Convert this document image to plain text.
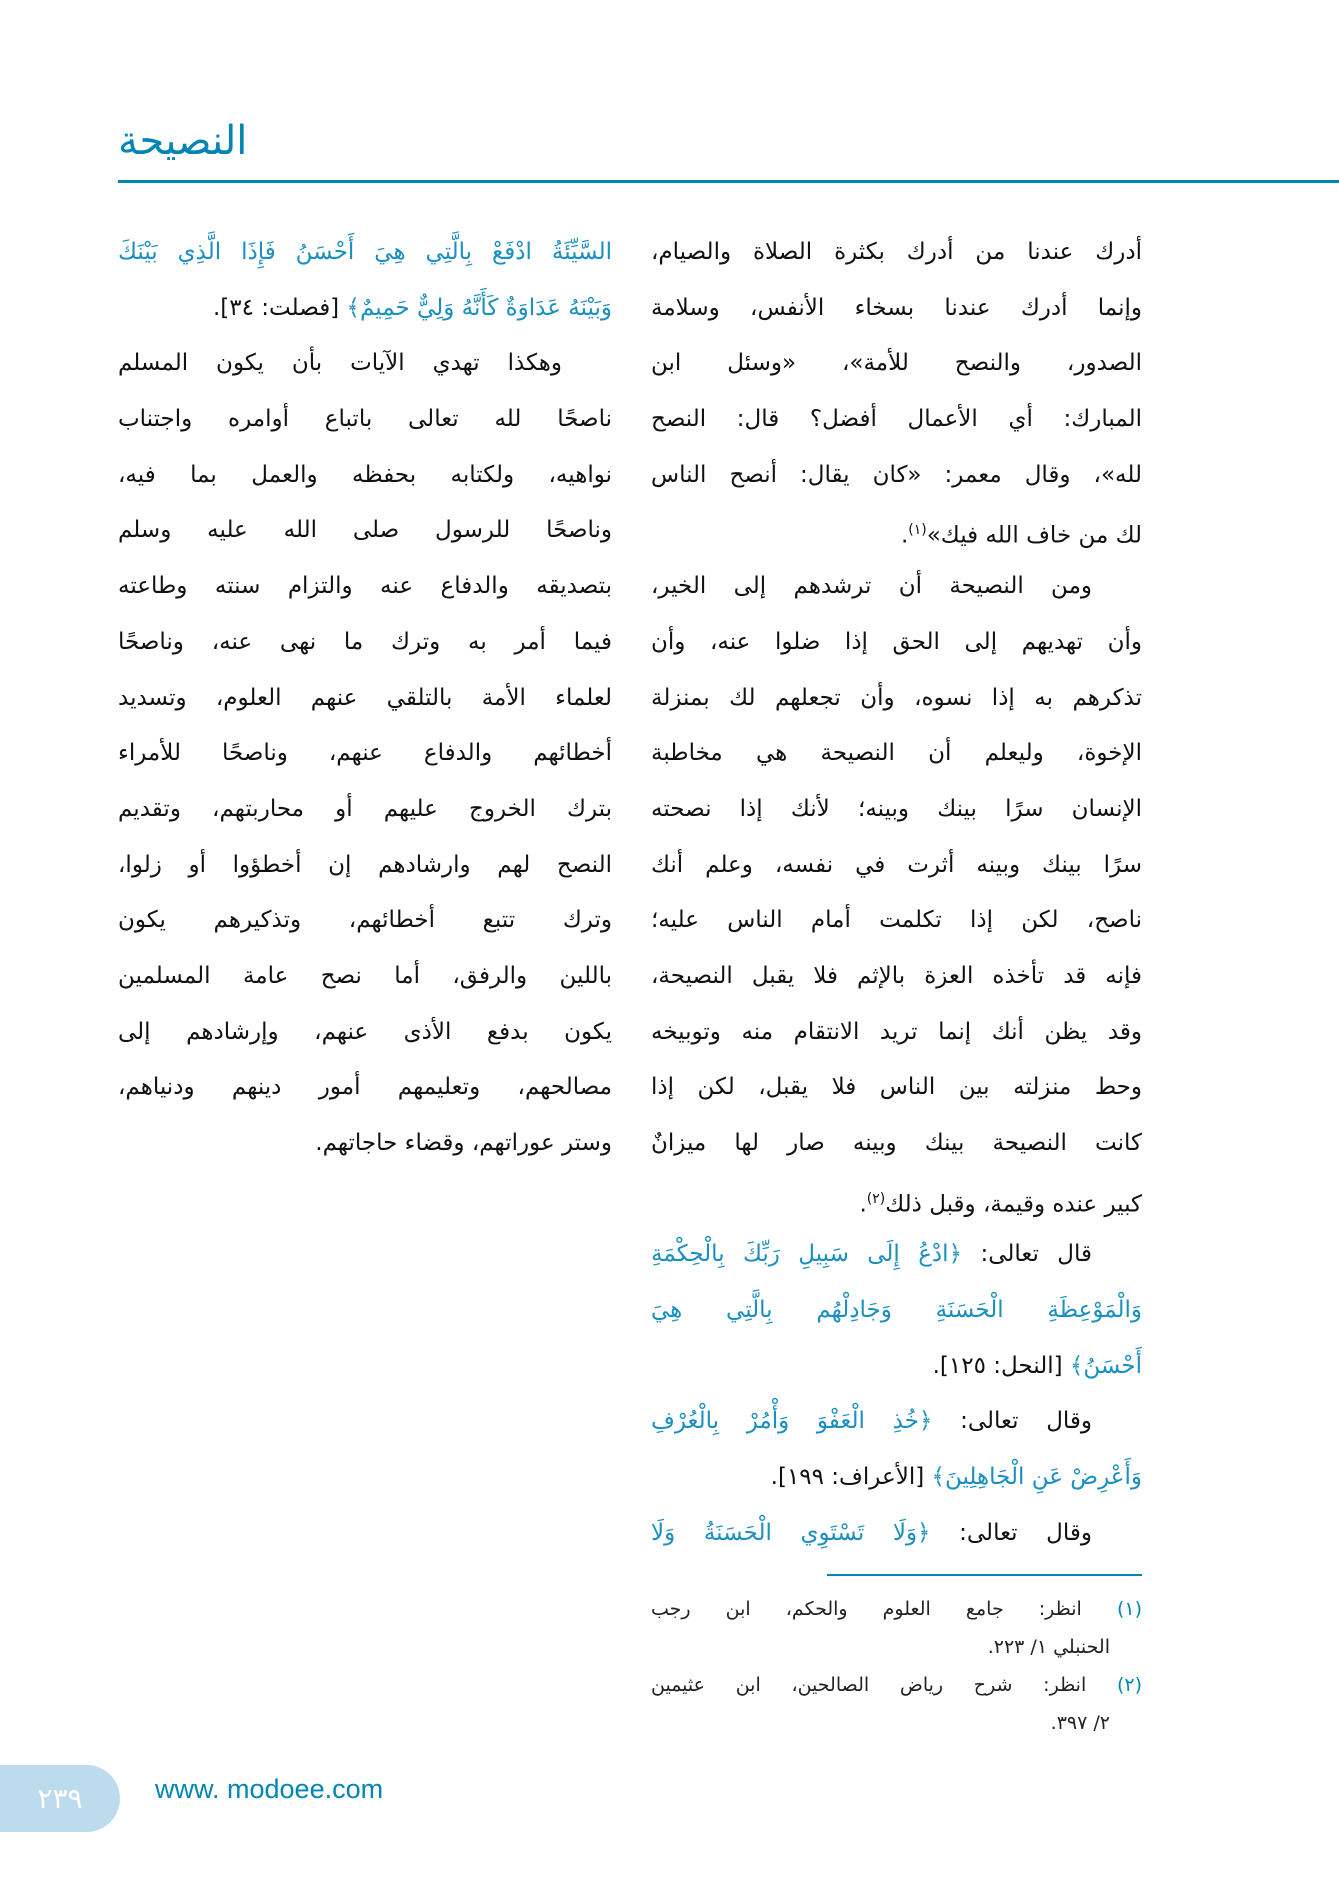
النصيحة
أدرك عندنا من أدرك بكثرة الصلاة والصيام،
وإنما أدرك عندنا بسخاء الأنفس، وسلامة
الصدور، والنصح للأمة»، «وسئل ابن
المبارك: أي الأعمال أفضل؟ قال: النصح
لله»، وقال معمر: «كان يقال: أنصح الناس
لك من خاف الله فيك»$^{(١)}$.
ومن النصيحة أن ترشدهم إلى الخير،
وأن تهديهم إلى الحق إذا ضلوا عنه، وأن
تذكرهم به إذا نسوه، وأن تجعلهم لك بمنزلة
الإخوة، وليعلم أن النصيحة هي مخاطبة
الإنسان سرًا بينك وبينه؛ لأنك إذا نصحته
سرًا بينك وبينه أثرت في نفسه، وعلم أنك
ناصح، لكن إذا تكلمت أمام الناس عليه؛
فإنه قد تأخذه العزة بالإثم فلا يقبل النصيحة،
وقد يظن أنك إنما تريد الانتقام منه وتوبيخه
وحط منزلته بين الناس فلا يقبل، لكن إذا
كانت النصيحة بينك وبينه صار لها ميزانٌ
كبير عنده وقيمة، وقبل ذلك$^{(٢)}$.
قال تعالى: ﴿ادْعُ إِلَى سَبِيلِ رَبِّكَ بِالْحِكْمَةِ
وَالْمَوْعِظَةِ الْحَسَنَةِ وَجَادِلْهُم بِالَّتِي هِيَ
أَحْسَنُ﴾ [النحل: ١٢٥].
وقال تعالى: ﴿خُذِ الْعَفْوَ وَأْمُرْ بِالْعُرْفِ
وَأَعْرِضْ عَنِ الْجَاهِلِينَ﴾ [الأعراف: ١٩٩].
وقال تعالى: ﴿وَلَا تَسْتَوِي الْحَسَنَةُ وَلَا
السَّيِّئَةُ ادْفَعْ بِالَّتِي هِيَ أَحْسَنُ فَإِذَا الَّذِي بَيْنَكَ
وَبَيْنَهُ عَدَاوَةٌ كَأَنَّهُ وَلِيٌّ حَمِيمٌ﴾ [فصلت: ٣٤].
وهكذا تهدي الآيات بأن يكون المسلم
ناصحًا لله تعالى باتباع أوامره واجتناب
نواهيه، ولكتابه بحفظه والعمل بما فيه،
وناصحًا للرسول صلى الله عليه وسلم
بتصديقه والدفاع عنه والتزام سنته وطاعته
فيما أمر به وترك ما نهى عنه، وناصحًا
لعلماء الأمة بالتلقي عنهم العلوم، وتسديد
أخطائهم والدفاع عنهم، وناصحًا للأمراء
بترك الخروج عليهم أو محاربتهم، وتقديم
النصح لهم وارشادهم إن أخطؤوا أو زلوا،
وترك تتبع أخطائهم، وتذكيرهم يكون
باللين والرفق، أما نصح عامة المسلمين
يكون بدفع الأذى عنهم، وإرشادهم إلى
مصالحهم، وتعليمهم أمور دينهم ودنياهم،
وستر عوراتهم، وقضاء حاجاتهم.
(١) انظر: جامع العلوم والحكم، ابن رجب
الحنبلي ١/ ٢٢٣.
(٢) انظر: شرح رياض الصالحين، ابن عثيمين
٢/ ٣٩٧.
٢٣٩	www. modoee.com
